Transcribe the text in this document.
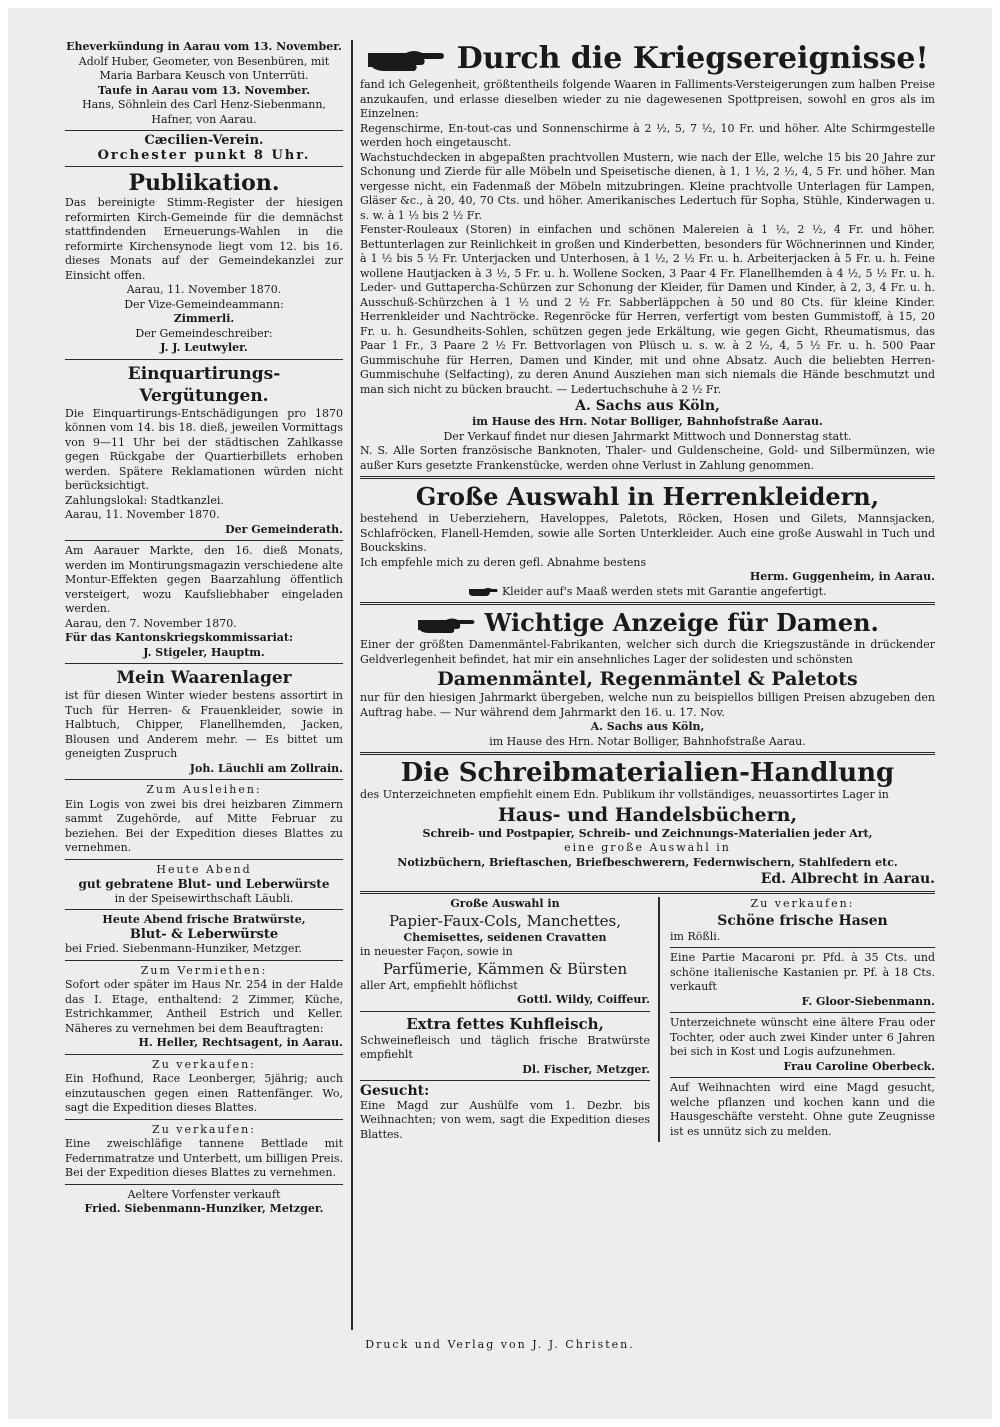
Eheverkündung in Aarau vom 13. November.

Adolf Huber, Geometer, von Besenbüren, mit Maria Barbara Keusch von Unterrüti.

Taufe in Aarau vom 13. November.

Hans, Söhnlein des Carl Henz-Siebenmann, Hafner, von Aarau.

Cæcilien-Verein.

Orchester punkt 8 Uhr.

Publikation.

Das bereinigte Stimm-Register der hiesigen reformirten Kirch-Gemeinde für die demnächst stattfindenden Erneuerungs-Wahlen in die reformirte Kirchensynode liegt vom 12. bis 16. dieses Monats auf der Gemeindekanzlei zur Einsicht offen.

Aarau, 11. November 1870.

Der Vize-Gemeindeammann:

Zimmerli.

Der Gemeindeschreiber:

J. J. Leutwyler.

Einquartirungs-Vergütungen.

Die Einquartirungs-Entschädigungen pro 1870 können vom 14. bis 18. dieß, jeweilen Vormittags von 9—11 Uhr bei der städtischen Zahlkasse gegen Rückgabe der Quartierbillets erhoben werden. Spätere Reklamationen würden nicht berücksichtigt.

Zahlungslokal: Stadtkanzlei.

Aarau, 11. November 1870.

Der Gemeinderath.

Am Aarauer Markte, den 16. dieß Monats, werden im Montirungsmagazin verschiedene alte Montur-Effekten gegen Baarzahlung öffentlich versteigert, wozu Kaufsliebhaber eingeladen werden.

Aarau, den 7. November 1870.

Für das Kantonskriegskommissariat:

J. Stigeler, Hauptm.

Mein Waarenlager

ist für diesen Winter wieder bestens assortirt in Tuch für Herren- & Frauenkleider, sowie in Halbtuch, Chipper, Flanellhemden, Jacken, Blousen und Anderem mehr. — Es bittet um geneigten Zuspruch

Joh. Läuchli am Zollrain.

Zum Ausleihen:

Ein Logis von zwei bis drei heizbaren Zimmern sammt Zugehörde, auf Mitte Februar zu beziehen. Bei der Expedition dieses Blattes zu vernehmen.

Heute Abend

gut gebratene Blut- und Leberwürste

in der Speisewirthschaft Läubli.

Heute Abend frische Bratwürste,

Blut- & Leberwürste

bei Fried. Siebenmann-Hunziker, Metzger.

Zum Vermiethen:

Sofort oder später im Haus Nr. 254 in der Halde das I. Etage, enthaltend: 2 Zimmer, Küche, Estrichkammer, Antheil Estrich und Keller. Näheres zu vernehmen bei dem Beauftragten:

H. Heller, Rechtsagent, in Aarau.

Zu verkaufen:

Ein Hofhund, Race Leonberger, 5jährig; auch einzutauschen gegen einen Rattenfänger. Wo, sagt die Expedition dieses Blattes.

Zu verkaufen:

Eine zweischläfige tannene Bettlade mit Federnmatratze und Unterbett, um billigen Preis. Bei der Expedition dieses Blattes zu vernehmen.

Aeltere Vorfenster verkauft

Fried. Siebenmann-Hunziker, Metzger.

Durch die Kriegsereignisse!

fand ich Gelegenheit, größtentheils folgende Waaren in Falliments-Versteigerungen zum halben Preise anzukaufen, und erlasse dieselben wieder zu nie dagewesenen Spottpreisen, sowohl en gros als im Einzelnen:

Regenschirme, En-tout-cas und Sonnenschirme à 2 ½, 5, 7 ½, 10 Fr. und höher. Alte Schirmgestelle werden hoch eingetauscht.

Wachstuchdecken in abgepaßten prachtvollen Mustern, wie nach der Elle, welche 15 bis 20 Jahre zur Schonung und Zierde für alle Möbeln und Speisetische dienen, à 1, 1 ½, 2 ½, 4, 5 Fr. und höher. Man vergesse nicht, ein Fadenmaß der Möbeln mitzubringen. Kleine prachtvolle Unterlagen für Lampen, Gläser &c., à 20, 40, 70 Cts. und höher. Amerikanisches Ledertuch für Sopha, Stühle, Kinderwagen u. s. w. à 1 ½ bis 2 ½ Fr.

Fenster-Rouleaux (Storen) in einfachen und schönen Malereien à 1 ½, 2 ½, 4 Fr. und höher. Bettunterlagen zur Reinlichkeit in großen und Kinderbetten, besonders für Wöchnerinnen und Kinder, à 1 ½ bis 5 ½ Fr. Unterjacken und Unterhosen, à 1 ½, 2 ½ Fr. u. h. Arbeiterjacken à 5 Fr. u. h. Feine wollene Hautjacken à 3 ½, 5 Fr. u. h. Wollene Socken, 3 Paar 4 Fr. Flanellhemden à 4 ½, 5 ½ Fr. u. h. Leder- und Guttapercha-Schürzen zur Schonung der Kleider, für Damen und Kinder, à 2, 3, 4 Fr. u. h. Ausschuß-Schürzchen à 1 ½ und 2 ½ Fr. Sabberläppchen à 50 und 80 Cts. für kleine Kinder. Herrenkleider und Nachtröcke. Regenröcke für Herren, verfertigt vom besten Gummistoff, à 15, 20 Fr. u. h. Gesundheits-Sohlen, schützen gegen jede Erkältung, wie gegen Gicht, Rheumatismus, das Paar 1 Fr., 3 Paare 2 ½ Fr. Bettvorlagen von Plüsch u. s. w. à 2 ½, 4, 5 ½ Fr. u. h. 500 Paar Gummischuhe für Herren, Damen und Kinder, mit und ohne Absatz. Auch die beliebten Herren-Gummischuhe (Selfacting), zu deren Anund Ausziehen man sich niemals die Hände beschmutzt und man sich nicht zu bücken braucht. — Ledertuchschuhe à 2 ½ Fr.

A. Sachs aus Köln,

im Hause des Hrn. Notar Bolliger, Bahnhofstraße Aarau.

Der Verkauf findet nur diesen Jahrmarkt Mittwoch und Donnerstag statt.

N. S. Alle Sorten französische Banknoten, Thaler- und Guldenscheine, Gold- und Silbermünzen, wie außer Kurs gesetzte Frankenstücke, werden ohne Verlust in Zahlung genommen.

Große Auswahl in Herrenkleidern,

bestehend in Ueberziehern, Haveloppes, Paletots, Röcken, Hosen und Gilets, Mannsjacken, Schlafröcken, Flanell-Hemden, sowie alle Sorten Unterkleider. Auch eine große Auswahl in Tuch und Bouckskins.

Ich empfehle mich zu deren gefl. Abnahme bestens

Herm. Guggenheim, in Aarau.

Kleider auf's Maaß werden stets mit Garantie angefertigt.

Wichtige Anzeige für Damen.

Einer der größten Damenmäntel-Fabrikanten, welcher sich durch die Kriegszustände in drückender Geldverlegenheit befindet, hat mir ein ansehnliches Lager der solidesten und schönsten

Damenmäntel, Regenmäntel & Paletots

nur für den hiesigen Jahrmarkt übergeben, welche nun zu beispiellos billigen Preisen abzugeben den Auftrag habe. — Nur während dem Jahrmarkt den 16. u. 17. Nov.

A. Sachs aus Köln,

im Hause des Hrn. Notar Bolliger, Bahnhofstraße Aarau.

Die Schreibmaterialien-Handlung

des Unterzeichneten empfiehlt einem Edn. Publikum ihr vollständiges, neuassortirtes Lager in

Haus- und Handelsbüchern,

Schreib- und Postpapier, Schreib- und Zeichnungs-Materialien jeder Art,

eine große Auswahl in

Notizbüchern, Brieftaschen, Briefbeschwerern, Federnwischern, Stahlfedern etc.

Ed. Albrecht in Aarau.

Große Auswahl in

Papier-Faux-Cols, Manchettes,

Chemisettes, seidenen Cravatten

in neuester Façon, sowie in

Parfümerie, Kämmen & Bürsten

aller Art, empfiehlt höflichst

Gottl. Wildy, Coiffeur.

Extra fettes Kuhfleisch,

Schweinefleisch und täglich frische Bratwürste empfiehlt

Dl. Fischer, Metzger.

Gesucht:

Eine Magd zur Aushülfe vom 1. Dezbr. bis Weihnachten; von wem, sagt die Expedition dieses Blattes.

Zu verkaufen:

Schöne frische Hasen

im Rößli.

Eine Partie Macaroni pr. Pfd. à 35 Cts. und schöne italienische Kastanien pr. Pf. à 18 Cts. verkauft

F. Gloor-Siebenmann.

Unterzeichnete wünscht eine ältere Frau oder Tochter, oder auch zwei Kinder unter 6 Jahren bei sich in Kost und Logis aufzunehmen.

Frau Caroline Oberbeck.

Auf Weihnachten wird eine Magd gesucht, welche pflanzen und kochen kann und die Hausgeschäfte versteht. Ohne gute Zeugnisse ist es unnütz sich zu melden.

Druck und Verlag von J. J. Christen.
